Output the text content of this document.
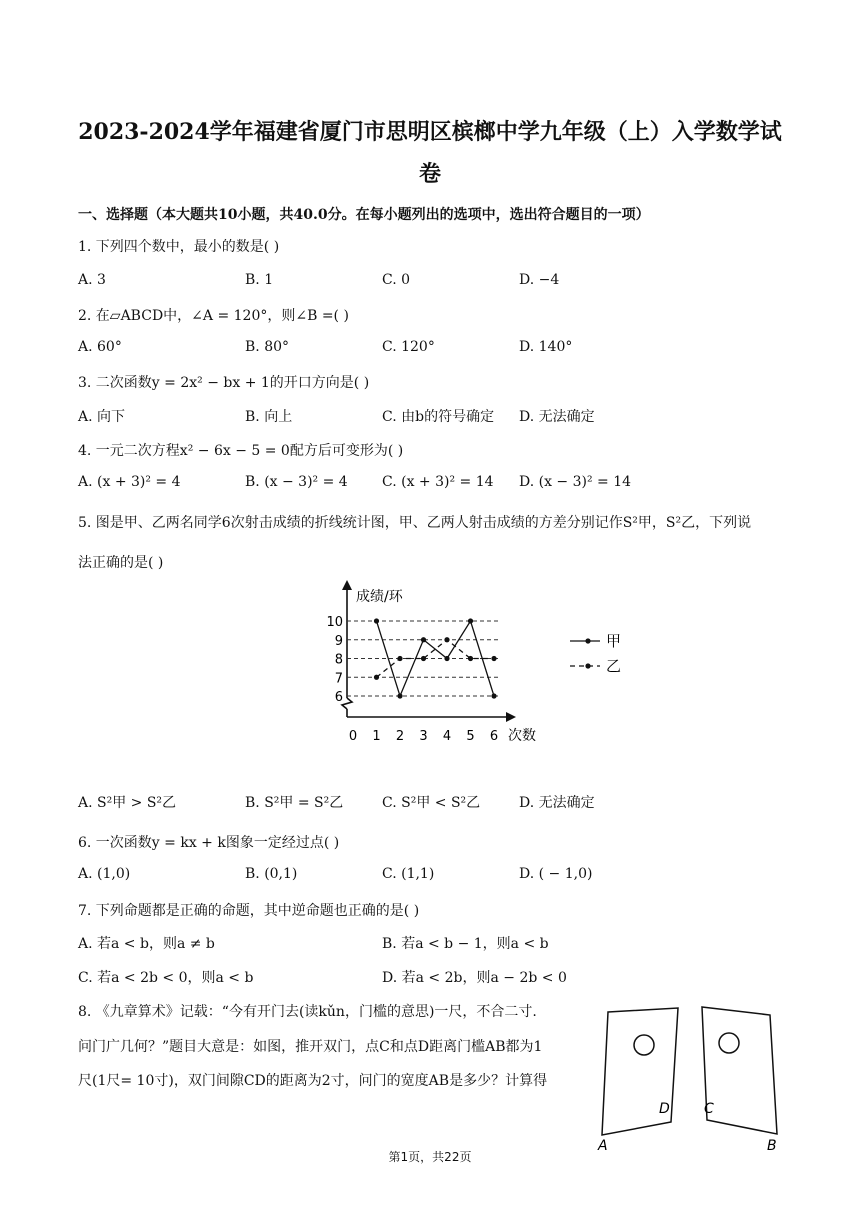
2023-2024学年福建省厦门市思明区槟榔中学九年级（上）入学数学试
卷
一、选择题（本大题共10小题，共40.0分。在每小题列出的选项中，选出符合题目的一项）
1. 下列四个数中，最小的数是( )
A. 3	B. 1	C. 0	D. −4
2. 在▱ABCD中，∠A = 120°，则∠B =( )
A. 60°	B. 80°	C. 120°	D. 140°
3. 二次函数y = 2x² − bx + 1的开口方向是( )
A. 向下	B. 向上	C. 由b的符号确定 D. 无法确定
4. 一元二次方程x² − 6x − 5 = 0配方后可变形为( )
A. (x + 3)² = 4	B. (x − 3)² = 4 C. (x + 3)² = 14 D. (x − 3)² = 14
5. 图是甲、乙两名同学6次射击成绩的折线统计图，甲、乙两人射击成绩的方差分别记作S²甲，S²乙，下列说
法正确的是( )
6
7
8
9
10
0 1 2 3 4 5 6
成绩/环
次数
甲
乙
A. S²甲 > S²乙	B. S²甲 = S²乙	C. S²甲 < S²乙	D. 无法确定
6. 一次函数y = kx + k图象一定经过点( )
A. (1,0)	B. (0,1)	C. (1,1)	D. ( − 1,0)
7. 下列命题都是正确的命题，其中逆命题也正确的是( )
A. 若a < b，则a ≠ b	B. 若a < b − 1，则a < b
C. 若a < 2b < 0，则a < b	D. 若a < 2b，则a − 2b < 0
8. 《九章算术》记载：“今有开门去(读kǔn，门槛的意思)一尺，不合二寸.
问门广几何？”题目大意是：如图，推开双门，点C和点D距离门槛AB都为1
尺(1尺= 10寸)，双门间隙CD的距离为2寸，问门的宽度AB是多少？计算得
D C
A	B
第1页，共22页
